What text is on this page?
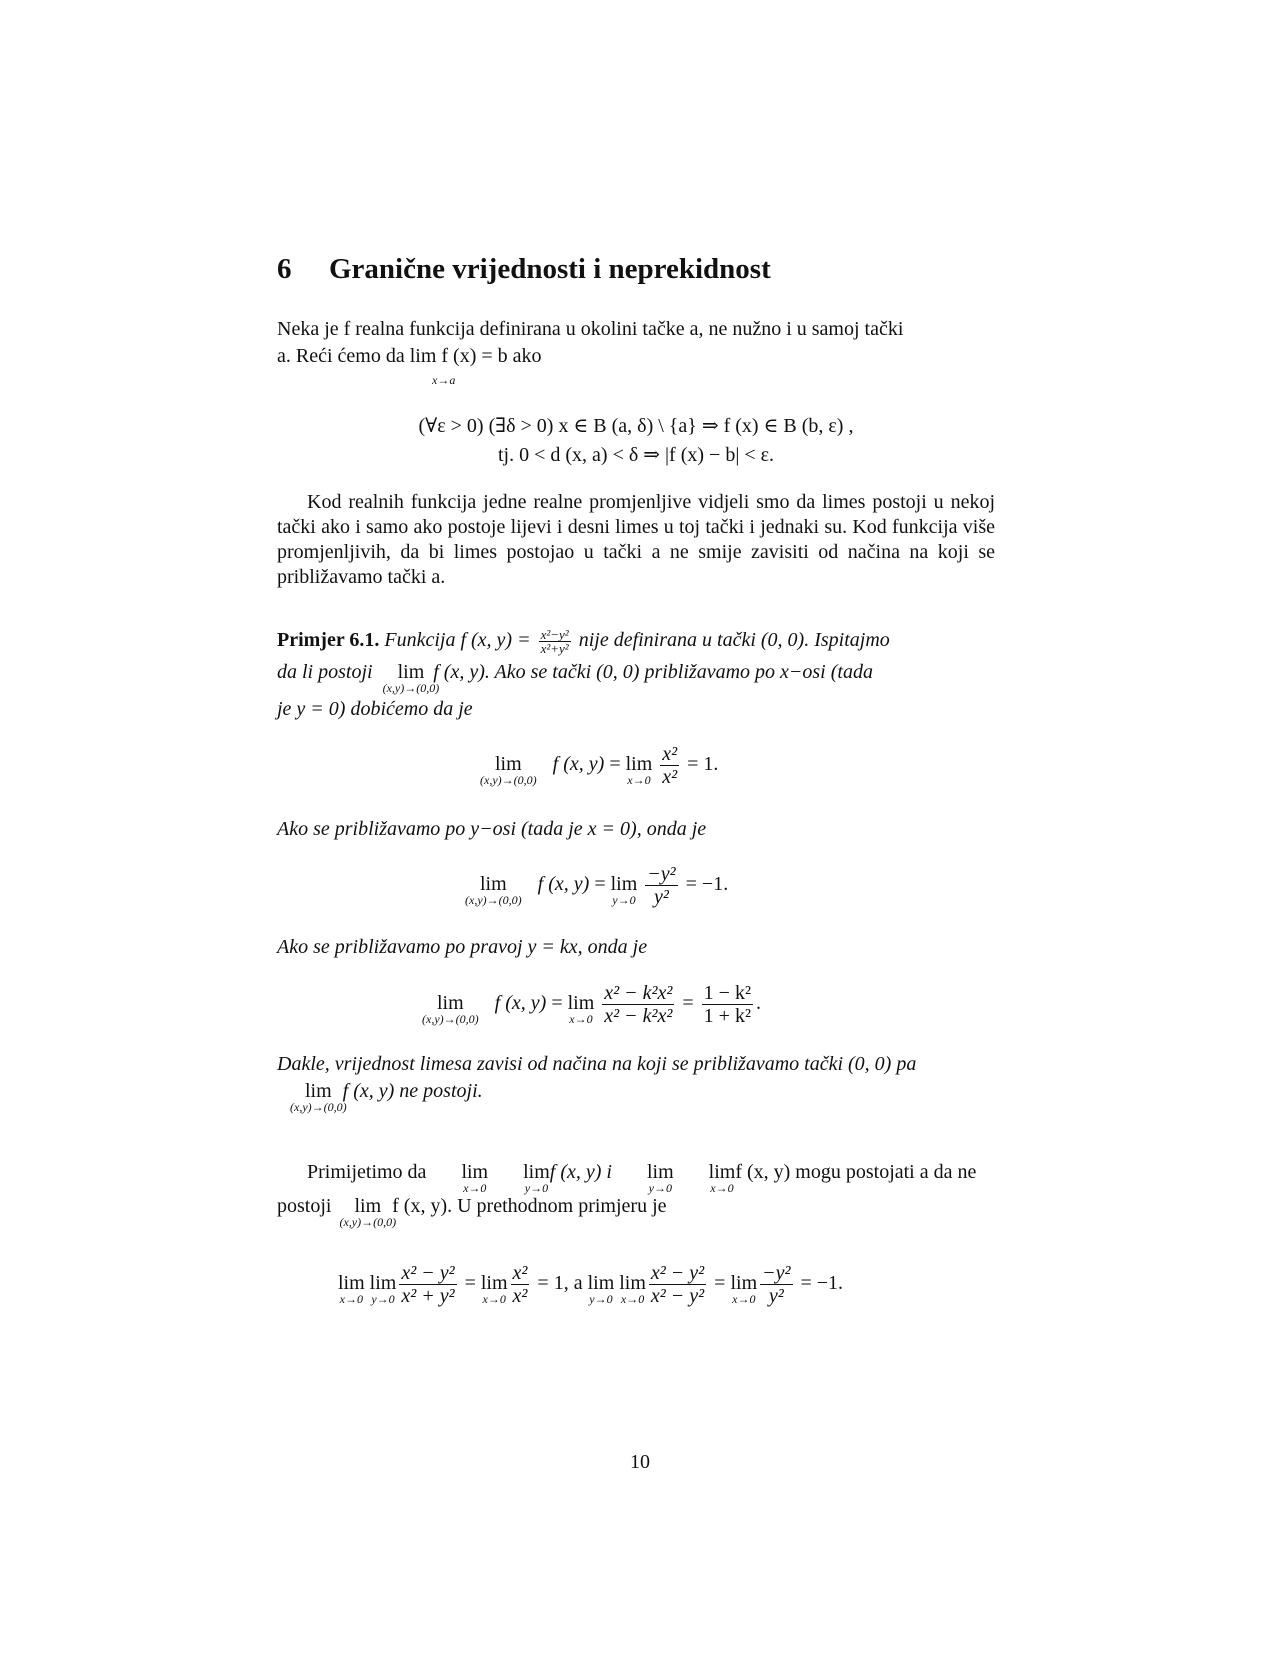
6 Granične vrijednosti i neprekidnost

Neka je f realna funkcija definirana u okolini tačke a, ne nužno i u samoj tački

a. Reći ćemo da lim f (x) = b ako

x→a
(∀ε > 0) (∃δ > 0) x ∈ B (a, δ) \ {a} ⇒ f (x) ∈ B (b, ε) ,
tj. 0 < d (x, a) < δ ⇒ |f (x) − b| < ε.

Kod realnih funkcija jedne realne promjenljive vidjeli smo da limes postoji u nekoj tački ako i samo ako postoje lijevi i desni limes u toj tački i jednaki su. Kod funkcija više promjenljivih, da bi limes postojao u tački a ne smije zavisiti od načina na koji se približavamo tački a.

Primjer 6.1. Funkcija f (x, $y) = \frac{\text{x²−y²}}{\text{x²+y²}}$ nije definirana u tački (0, 0). Ispitajmo

da li postoji lim
(x,y)→(0,0)
f (x, y). Ako se tački (0, 0) približavamo po x−osi (tada

je y = 0) dobićemo da je

lim
(x,y)→(0,0)
f (x, y) = lim
x→0
$\frac{\text{x²}}{\text{x²}} = 1$.

Ako se približavamo po y−osi (tada je x = 0), onda je

lim
(x,y)→(0,0)
f (x, y) = lim
y→0
$\frac{\text{−y²}}{\text{y²}} = -1$.

Ako se približavamo po pravoj y = kx, onda je

lim
(x,y)→(0,0)
f (x, y) = lim
x→0
$\frac{\text{x² − k²x²}}{\text{x² − k²x²}} = \frac{\text{1 − k²}}{\text{1 + k²}}$ .

Dakle, vrijednost limesa zavisi od načina na koji se približavamo tački (0, 0) pa

lim
(x,y)→(0,0)
f (x, y) ne postoji.

Primijetimo da lim
x→0
lim
y→0
f (x, y) i lim
y→0
lim
x→0
f (x, y) mogu postojati a da ne

postoji lim
(x,y)→(0,0)
f (x, y). U prethodnom primjeru je

lim
x→0
lim
$y\to 0 \frac{\text{x² − y²}}{\text{x² + y²}} = \lim$
$x\to 0 \frac{\text{x²}}{\text{x²}} = 1$, a lim
y→0
lim
$x\to 0 \frac{\text{x² − y²}}{\text{x² − y²}} = \lim$
$x\to 0 \frac{\text{−y²}}{\text{y²}} = -1$.
10
